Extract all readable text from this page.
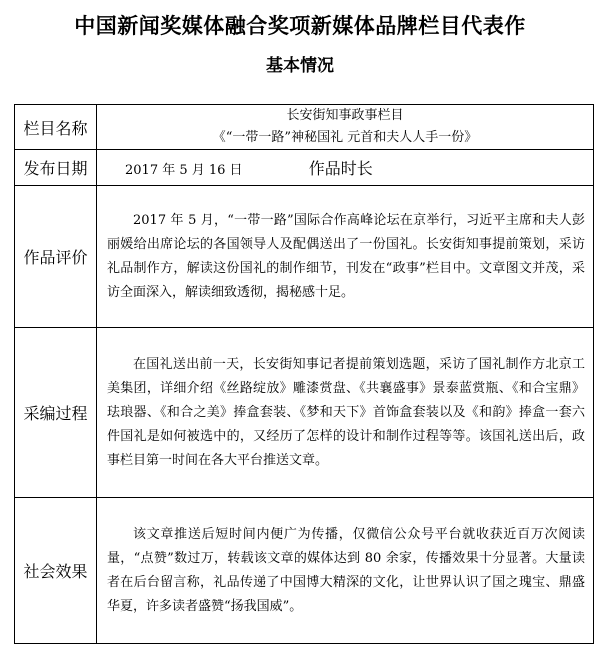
中国新闻奖媒体融合奖项新媒体品牌栏目代表作
基本情况
栏目名称	长安街知事政事栏目
《“一带一路”神秘国礼 元首和夫人人手一份》

发布日期	2017 年 5 月 16 日 作品时长
作品评价	2017 年 5 月，“一带一路”国际合作高峰论坛在京举行，习近平主席和夫人彭丽媛给出席论坛的各国领导人及配偶送出了一份国礼。长安街知事提前策划，采访礼品制作方，解读这份国礼的制作细节，刊发在“政事”栏目中。文章图文并茂，采访全面深入，解读细致透彻，揭秘感十足。

采编过程	在国礼送出前一天，长安街知事记者提前策划选题，采访了国礼制作方北京工美集团，详细介绍《丝路绽放》雕漆赏盘、《共襄盛事》景泰蓝赏瓶、《和合宝鼎》珐琅器、《和合之美》捧盒套装、《梦和天下》首饰盒套装以及《和韵》捧盒一套六件国礼是如何被选中的，又经历了怎样的设计和制作过程等等。该国礼送出后，政事栏目第一时间在各大平台推送文章。

社会效果	该文章推送后短时间内便广为传播，仅微信公众号平台就收获近百万次阅读量，“点赞”数过万，转载该文章的媒体达到 80 余家，传播效果十分显著。大量读者在后台留言称，礼品传递了中国博大精深的文化，让世界认识了国之瑰宝、鼎盛华夏，许多读者盛赞“扬我国威”。
